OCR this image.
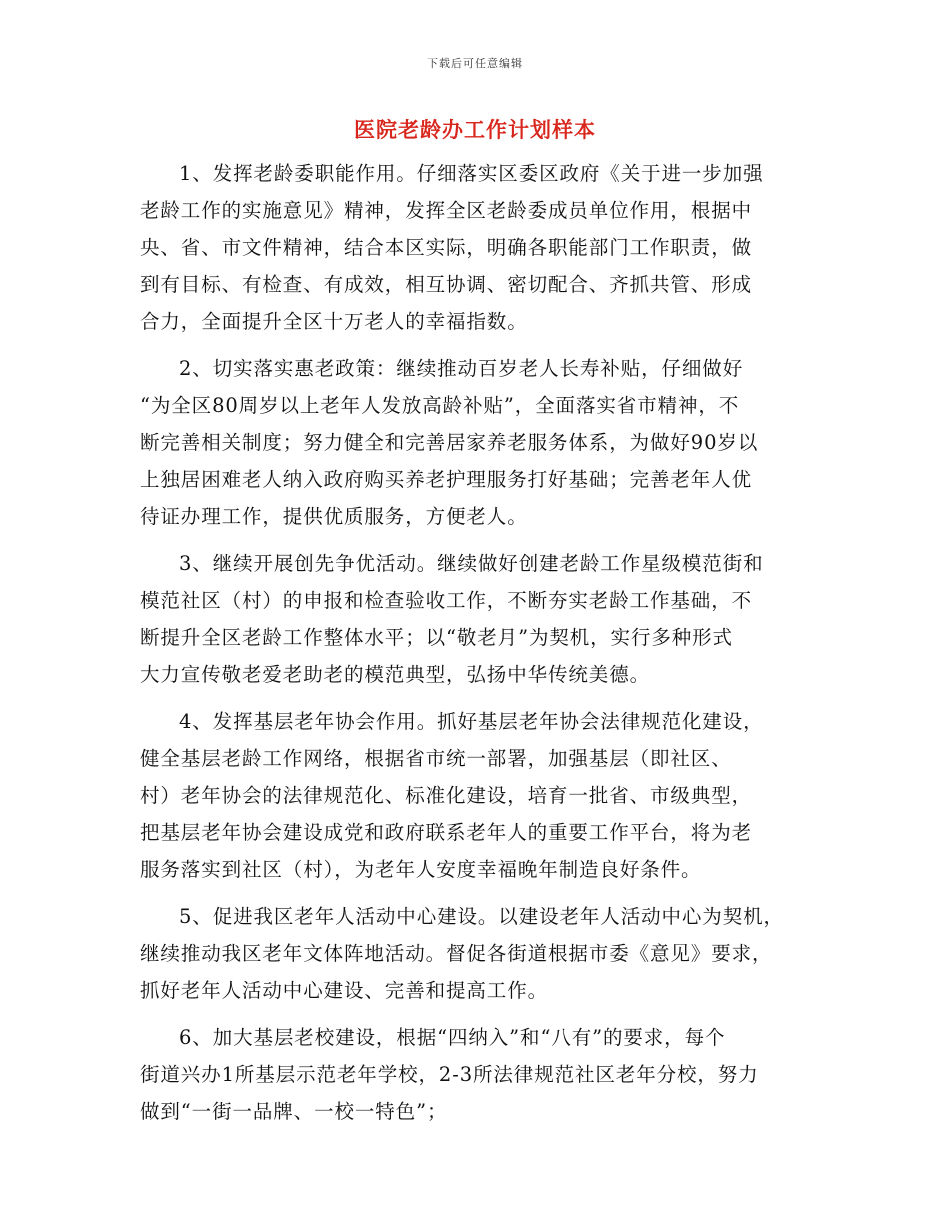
下载后可任意编辑
医院老龄办工作计划样本
1、发挥老龄委职能作用。仔细落实区委区政府《关于进一步加强
老龄工作的实施意见》精神，发挥全区老龄委成员单位作用，根据中
央、省、市文件精神，结合本区实际，明确各职能部门工作职责，做
到有目标、有检查、有成效，相互协调、密切配合、齐抓共管、形成
合力，全面提升全区十万老人的幸福指数。
2、切实落实惠老政策：继续推动百岁老人长寿补贴，仔细做好
“为全区80周岁以上老年人发放高龄补贴”，全面落实省市精神，不
断完善相关制度；努力健全和完善居家养老服务体系，为做好90岁以
上独居困难老人纳入政府购买养老护理服务打好基础；完善老年人优
待证办理工作，提供优质服务，方便老人。
3、继续开展创先争优活动。继续做好创建老龄工作星级模范街和
模范社区（村）的申报和检查验收工作，不断夯实老龄工作基础，不
断提升全区老龄工作整体水平；以“敬老月”为契机，实行多种形式
大力宣传敬老爱老助老的模范典型，弘扬中华传统美德。
4、发挥基层老年协会作用。抓好基层老年协会法律规范化建设，
健全基层老龄工作网络，根据省市统一部署，加强基层（即社区、
村）老年协会的法律规范化、标准化建设，培育一批省、市级典型，
把基层老年协会建设成党和政府联系老年人的重要工作平台，将为老
服务落实到社区（村），为老年人安度幸福晚年制造良好条件。
5、促进我区老年人活动中心建设。以建设老年人活动中心为契机，
继续推动我区老年文体阵地活动。督促各街道根据市委《意见》要求，
抓好老年人活动中心建设、完善和提高工作。
6、加大基层老校建设，根据“四纳入”和“八有”的要求，每个
街道兴办1所基层示范老年学校，2-3所法律规范社区老年分校，努力
做到“一街一品牌、一校一特色”；
